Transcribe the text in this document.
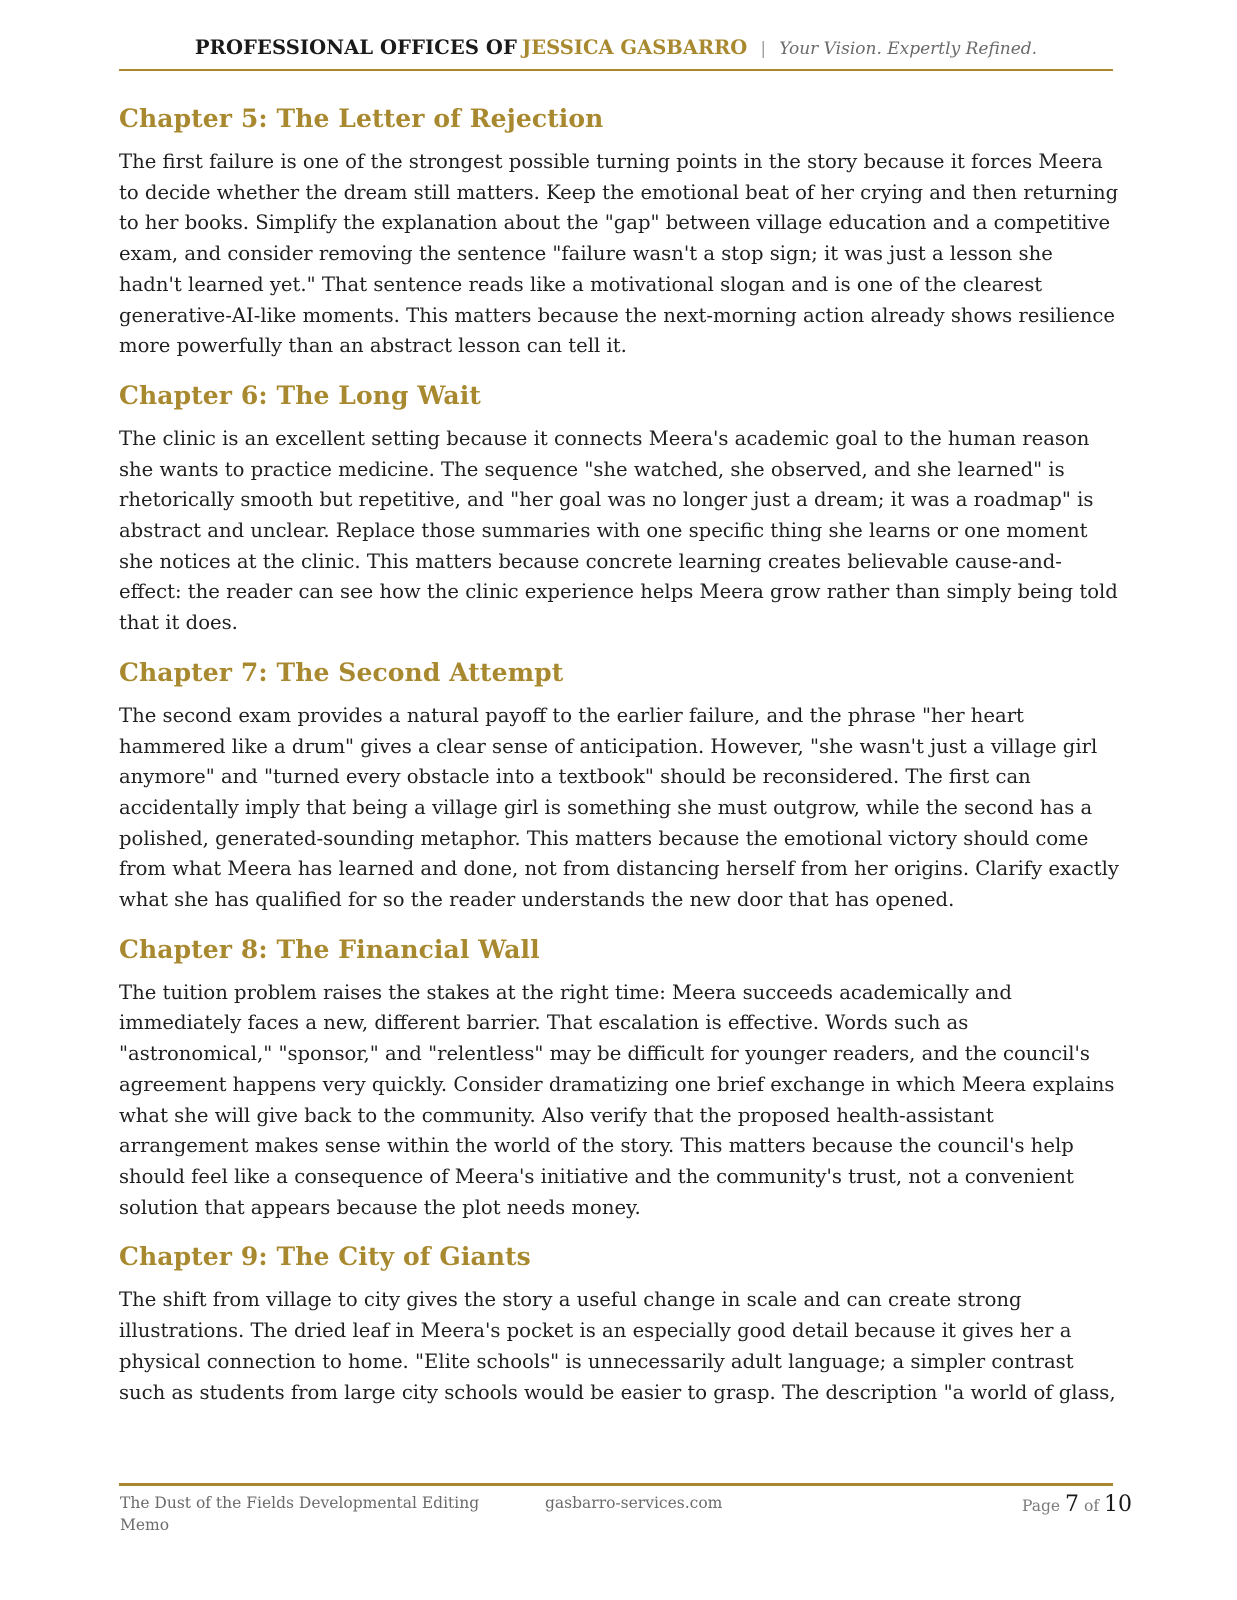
PROFESSIONAL OFFICES OF JESSICA GASBARRO | Your Vision. Expertly Refined.
Chapter 5: The Letter of Rejection

The first failure is one of the strongest possible turning points in the story because it forces Meera to decide whether the dream still matters. Keep the emotional beat of her crying and then returning to her books. Simplify the explanation about the "gap" between village education and a competitive exam, and consider removing the sentence "failure wasn't a stop sign; it was just a lesson she hadn't learned yet." That sentence reads like a motivational slogan and is one of the clearest generative-AI-like moments. This matters because the next-morning action already shows resilience more powerfully than an abstract lesson can tell it.

Chapter 6: The Long Wait

The clinic is an excellent setting because it connects Meera's academic goal to the human reason she wants to practice medicine. The sequence "she watched, she observed, and she learned" is rhetorically smooth but repetitive, and "her goal was no longer just a dream; it was a roadmap" is abstract and unclear. Replace those summaries with one specific thing she learns or one moment she notices at the clinic. This matters because concrete learning creates believable cause-and-effect: the reader can see how the clinic experience helps Meera grow rather than simply being told that it does.

Chapter 7: The Second Attempt

The second exam provides a natural payoff to the earlier failure, and the phrase "her heart hammered like a drum" gives a clear sense of anticipation. However, "she wasn't just a village girl anymore" and "turned every obstacle into a textbook" should be reconsidered. The first can accidentally imply that being a village girl is something she must outgrow, while the second has a polished, generated-sounding metaphor. This matters because the emotional victory should come from what Meera has learned and done, not from distancing herself from her origins. Clarify exactly what she has qualified for so the reader understands the new door that has opened.

Chapter 8: The Financial Wall

The tuition problem raises the stakes at the right time: Meera succeeds academically and immediately faces a new, different barrier. That escalation is effective. Words such as "astronomical," "sponsor," and "relentless" may be difficult for younger readers, and the council's agreement happens very quickly. Consider dramatizing one brief exchange in which Meera explains what she will give back to the community. Also verify that the proposed health-assistant arrangement makes sense within the world of the story. This matters because the council's help should feel like a consequence of Meera's initiative and the community's trust, not a convenient solution that appears because the plot needs money.

Chapter 9: The City of Giants

The shift from village to city gives the story a useful change in scale and can create strong illustrations. The dried leaf in Meera's pocket is an especially good detail because it gives her a physical connection to home. "Elite schools" is unnecessarily adult language; a simpler contrast such as students from large city schools would be easier to grasp. The description "a world of glass,

The Dust of the Fields Developmental Editing Memo
gasbarro-services.com	Page 7 of 10
